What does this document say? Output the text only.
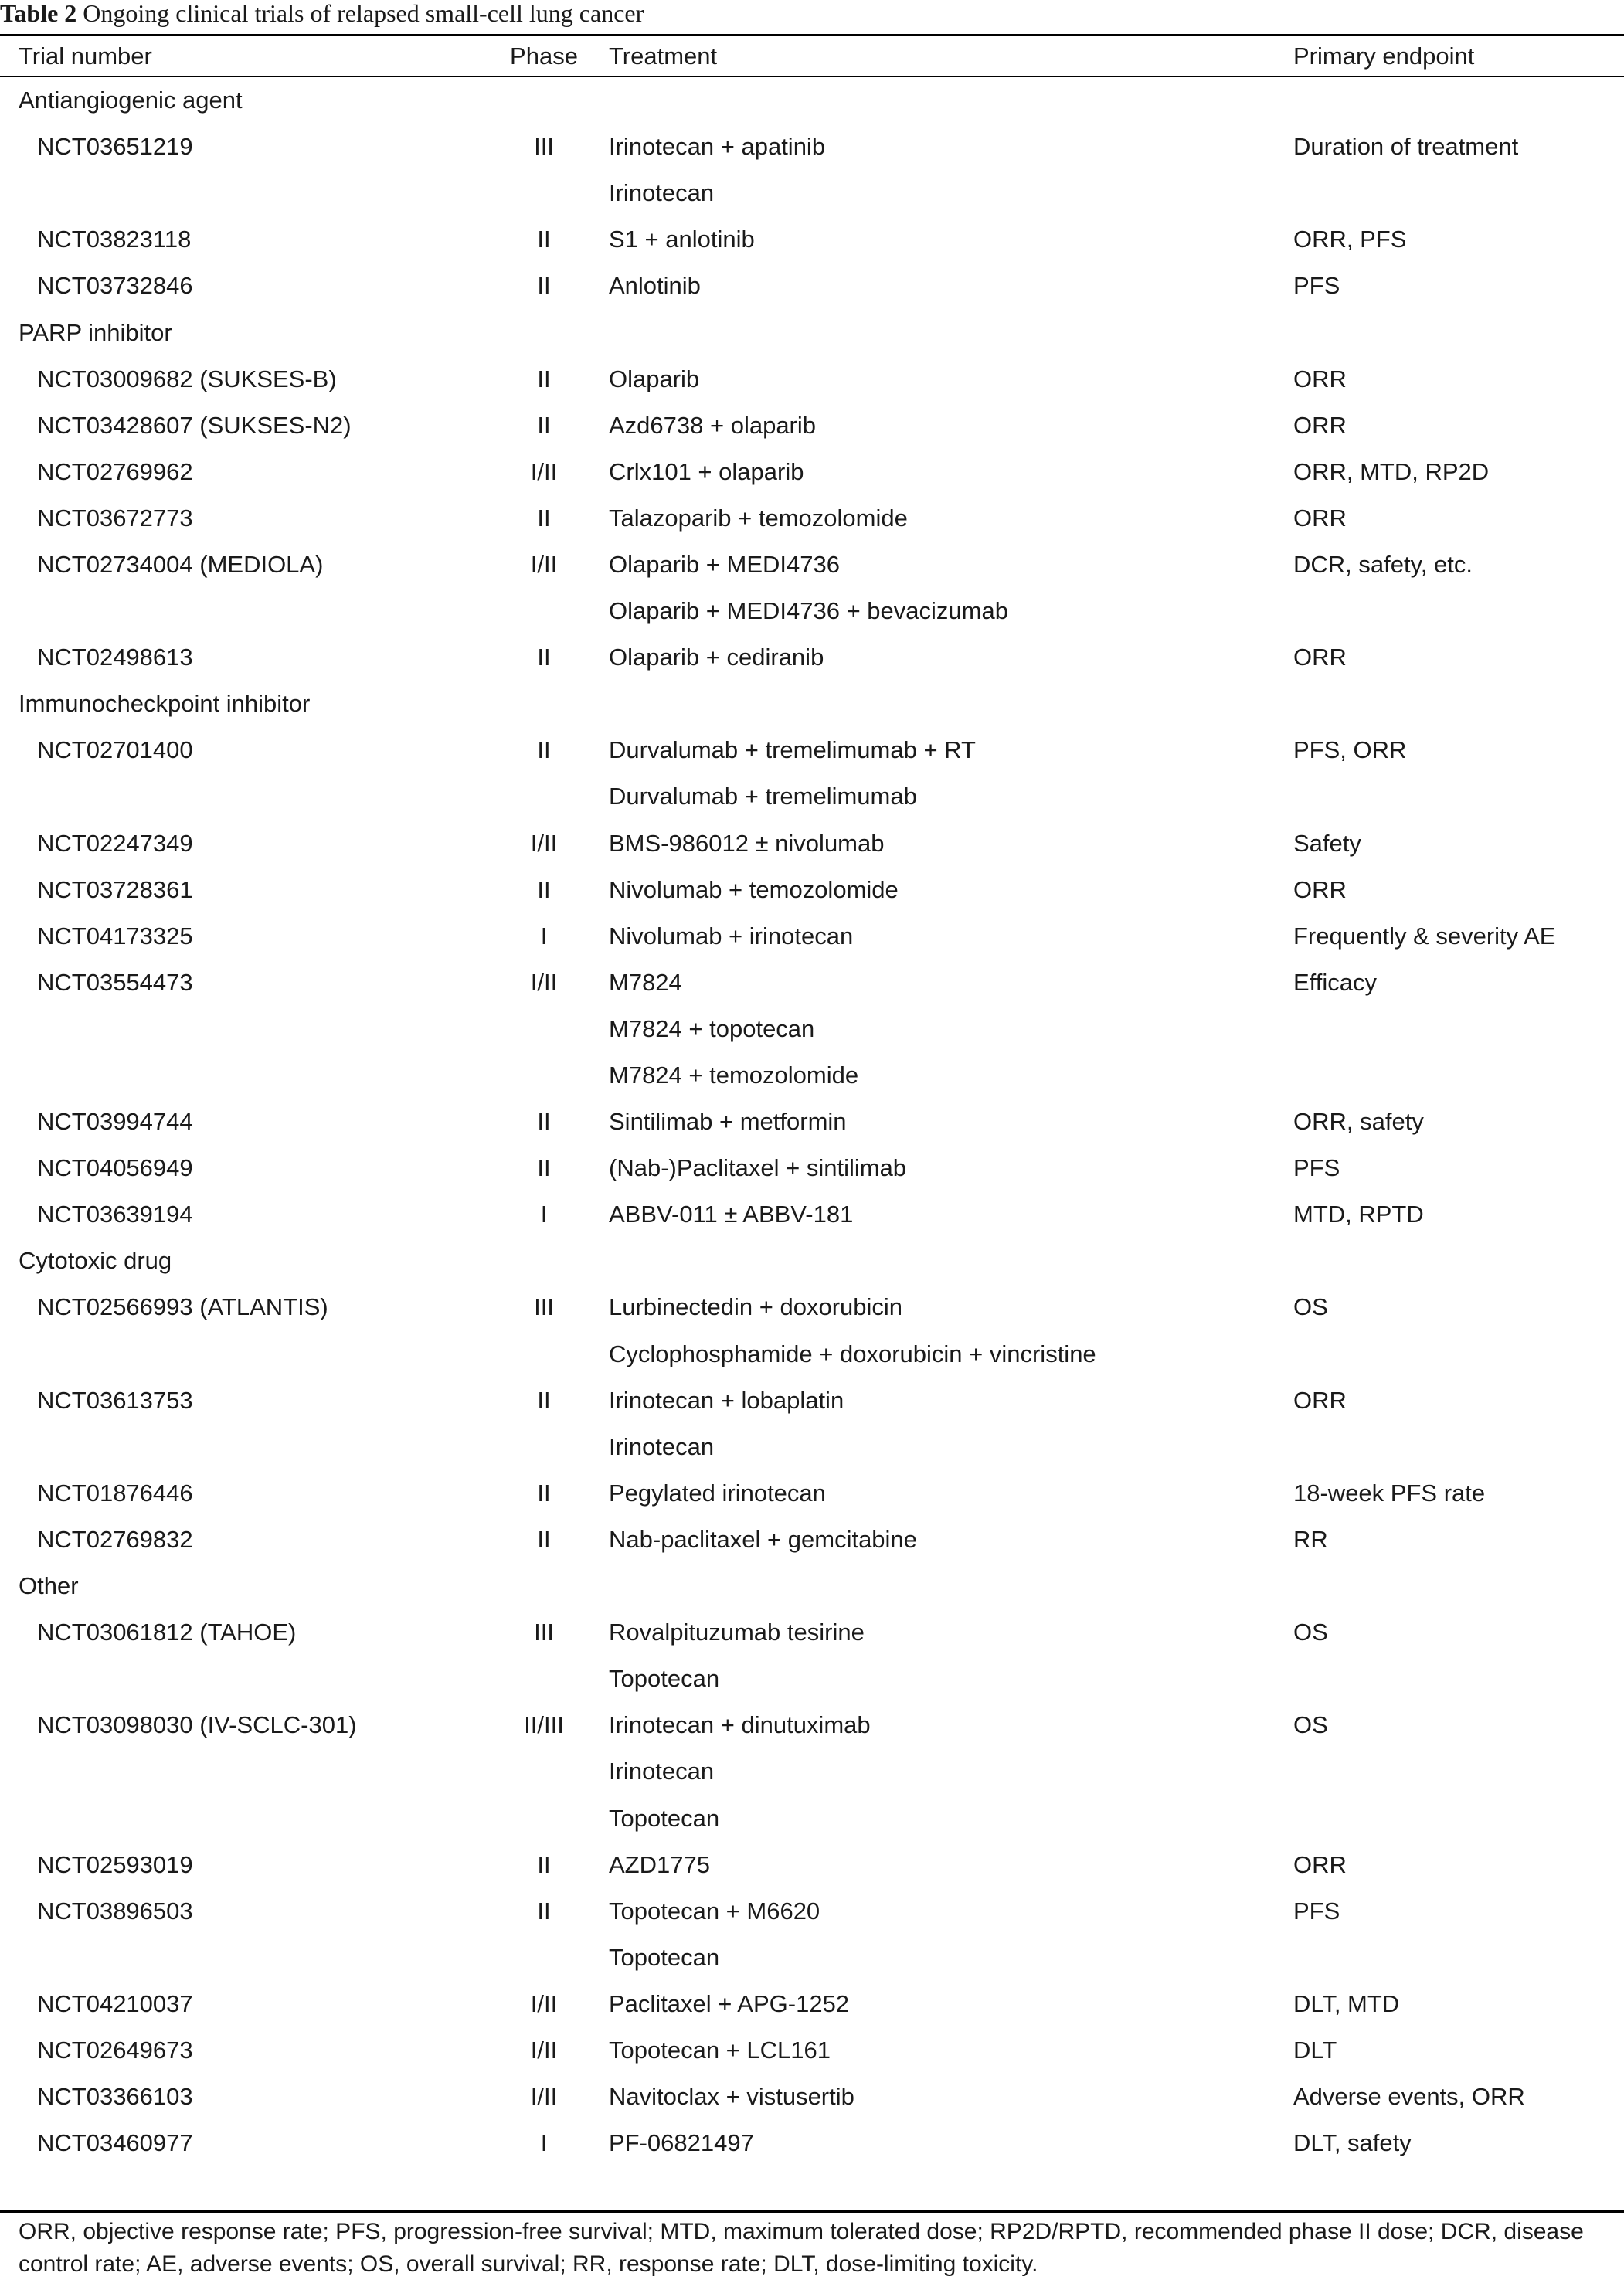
Table 2 Ongoing clinical trials of relapsed small-cell lung cancer
Trial number	Phase	Treatment	Primary endpoint
Antiangiogenic agent			
NCT03651219	III	Irinotecan + apatinib	Duration of treatment
		Irinotecan	
NCT03823118	II	S1 + anlotinib	ORR, PFS
NCT03732846	II	Anlotinib	PFS
PARP inhibitor			
NCT03009682 (SUKSES-B)	II	Olaparib	ORR
NCT03428607 (SUKSES-N2)	II	Azd6738 + olaparib	ORR
NCT02769962	I/II	Crlx101 + olaparib	ORR, MTD, RP2D
NCT03672773	II	Talazoparib + temozolomide	ORR
NCT02734004 (MEDIOLA)	I/II	Olaparib + MEDI4736	DCR, safety, etc.
		Olaparib + MEDI4736 + bevacizumab	
NCT02498613	II	Olaparib + cediranib	ORR
Immunocheckpoint inhibitor			
NCT02701400	II	Durvalumab + tremelimumab + RT	PFS, ORR
		Durvalumab + tremelimumab	
NCT02247349	I/II	BMS-986012 ± nivolumab	Safety
NCT03728361	II	Nivolumab + temozolomide	ORR
NCT04173325	I	Nivolumab + irinotecan	Frequently & severity AE
NCT03554473	I/II	M7824	Efficacy
		M7824 + topotecan	
		M7824 + temozolomide	
NCT03994744	II	Sintilimab + metformin	ORR, safety
NCT04056949	II	(Nab-)Paclitaxel + sintilimab	PFS
NCT03639194	I	ABBV-011 ± ABBV-181	MTD, RPTD
Cytotoxic drug			
NCT02566993 (ATLANTIS)	III	Lurbinectedin + doxorubicin	OS
		Cyclophosphamide + doxorubicin + vincristine	
NCT03613753	II	Irinotecan + lobaplatin	ORR
		Irinotecan	
NCT01876446	II	Pegylated irinotecan	18-week PFS rate
NCT02769832	II	Nab-paclitaxel + gemcitabine	RR
Other			
NCT03061812 (TAHOE)	III	Rovalpituzumab tesirine	OS
		Topotecan	
NCT03098030 (IV-SCLC-301)	II/III	Irinotecan + dinutuximab	OS
		Irinotecan	
		Topotecan	
NCT02593019	II	AZD1775	ORR
NCT03896503	II	Topotecan + M6620	PFS
		Topotecan	
NCT04210037	I/II	Paclitaxel + APG-1252	DLT, MTD
NCT02649673	I/II	Topotecan + LCL161	DLT
NCT03366103	I/II	Navitoclax + vistusertib	Adverse events, ORR
NCT03460977	I	PF-06821497	DLT, safety
ORR, objective response rate; PFS, progression-free survival; MTD, maximum tolerated dose; RP2D/RPTD, recommended phase II dose; DCR, disease control rate; AE, adverse events; OS, overall survival; RR, response rate; DLT, dose-limiting toxicity.
